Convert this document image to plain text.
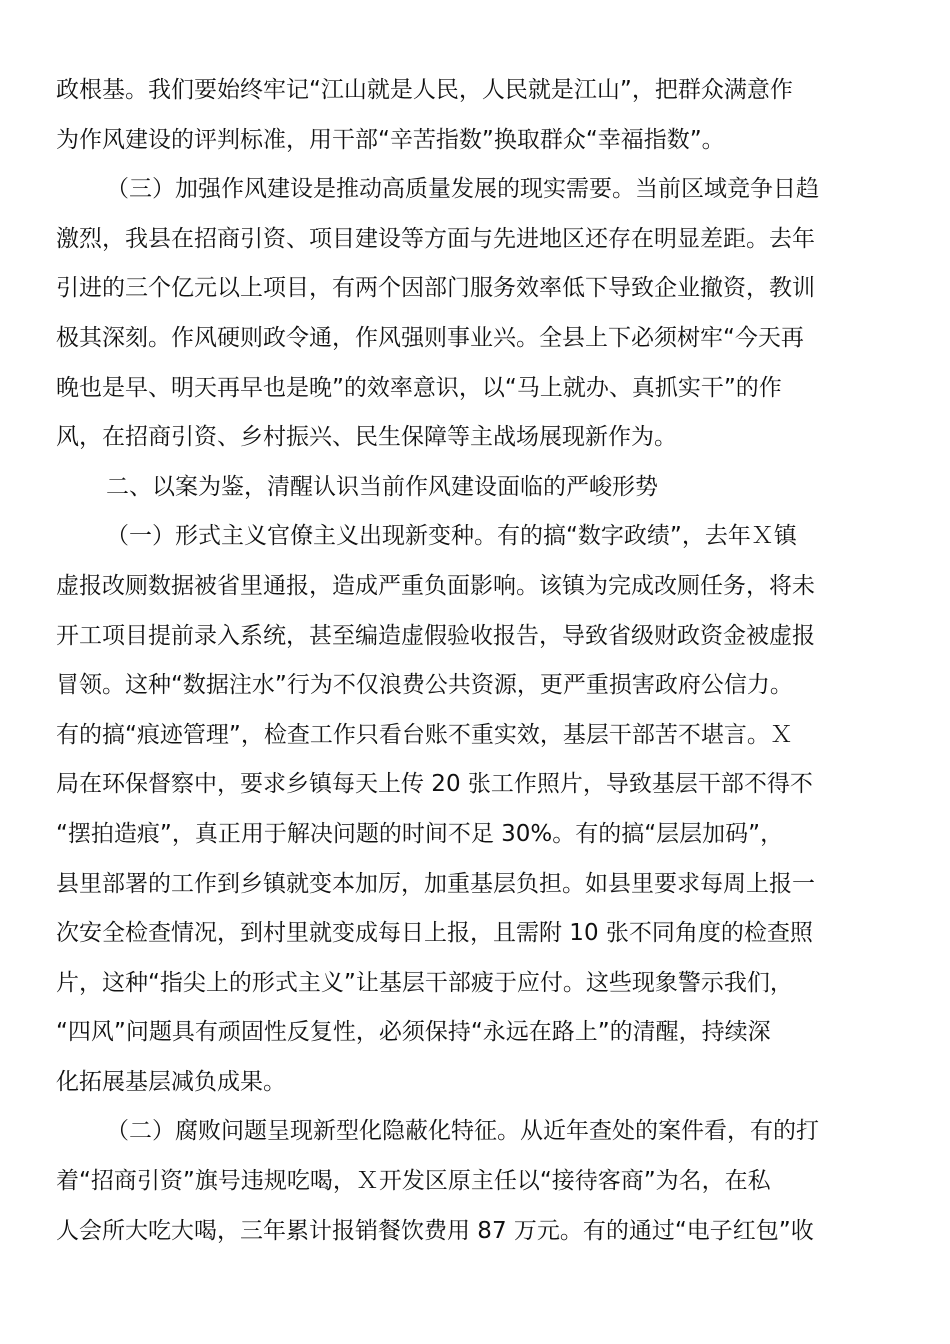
政根基。我们要始终牢记“江山就是人民，人民就是江山”，把群众满意作
为作风建设的评判标准，用干部“辛苦指数”换取群众“幸福指数”。
（三）加强作风建设是推动高质量发展的现实需要。当前区域竞争日趋
激烈，我县在招商引资、项目建设等方面与先进地区还存在明显差距。去年
引进的三个亿元以上项目，有两个因部门服务效率低下导致企业撤资，教训
极其深刻。作风硬则政令通，作风强则事业兴。全县上下必须树牢“今天再
晚也是早、明天再早也是晚”的效率意识，以“马上就办、真抓实干”的作
风，在招商引资、乡村振兴、民生保障等主战场展现新作为。
二、以案为鉴，清醒认识当前作风建设面临的严峻形势
（一）形式主义官僚主义出现新变种。有的搞“数字政绩”，去年Ｘ镇
虚报改厕数据被省里通报，造成严重负面影响。该镇为完成改厕任务，将未
开工项目提前录入系统，甚至编造虚假验收报告，导致省级财政资金被虚报
冒领。这种“数据注水”行为不仅浪费公共资源，更严重损害政府公信力。
有的搞“痕迹管理”，检查工作只看台账不重实效，基层干部苦不堪言。Ｘ
局在环保督察中，要求乡镇每天上传 20 张工作照片，导致基层干部不得不
“摆拍造痕”，真正用于解决问题的时间不足 30%。有的搞“层层加码”，
县里部署的工作到乡镇就变本加厉，加重基层负担。如县里要求每周上报一
次安全检查情况，到村里就变成每日上报，且需附 10 张不同角度的检查照
片，这种“指尖上的形式主义”让基层干部疲于应付。这些现象警示我们，
“四风”问题具有顽固性反复性，必须保持“永远在路上”的清醒，持续深
化拓展基层减负成果。
（二）腐败问题呈现新型化隐蔽化特征。从近年查处的案件看，有的打
着“招商引资”旗号违规吃喝，Ｘ开发区原主任以“接待客商”为名，在私
人会所大吃大喝，三年累计报销餐饮费用 87 万元。有的通过“电子红包”收
